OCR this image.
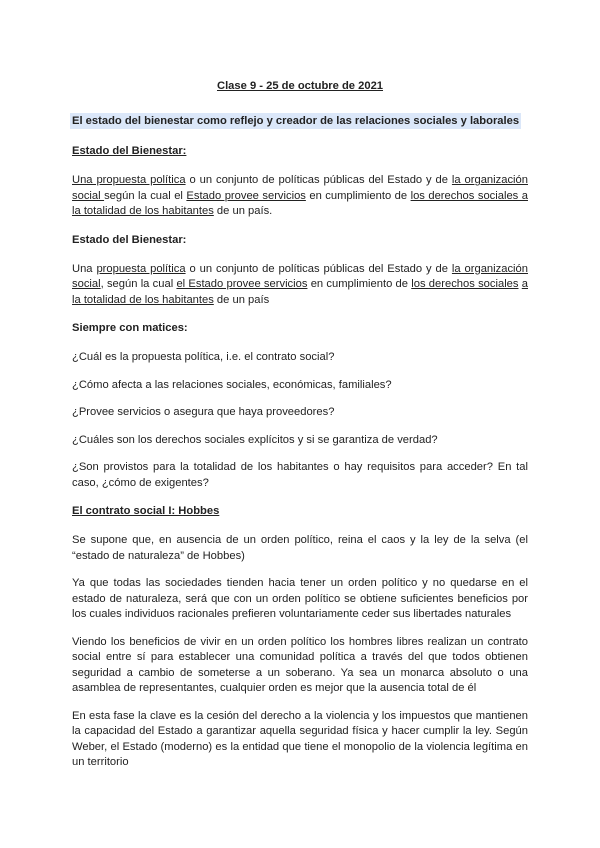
Clase 9 - 25 de octubre de 2021
El estado del bienestar como reflejo y creador de las relaciones sociales y laborales
Estado del Bienestar:

Una propuesta política o un conjunto de políticas públicas del Estado y de la organización social según la cual el Estado provee servicios en cumplimiento de los derechos sociales a la totalidad de los habitantes de un país.

Estado del Bienestar:

Una propuesta política o un conjunto de políticas públicas del Estado y de la organización social, según la cual el Estado provee servicios en cumplimiento de los derechos sociales a la totalidad de los habitantes de un país

Siempre con matices:

¿Cuál es la propuesta política, i.e. el contrato social?

¿Cómo afecta a las relaciones sociales, económicas, familiales?

¿Provee servicios o asegura que haya proveedores?

¿Cuáles son los derechos sociales explícitos y si se garantiza de verdad?

¿Son provistos para la totalidad de los habitantes o hay requisitos para acceder? En tal caso, ¿cómo de exigentes?

El contrato social I: Hobbes

Se supone que, en ausencia de un orden político, reina el caos y la ley de la selva (el “estado de naturaleza” de Hobbes)

Ya que todas las sociedades tienden hacia tener un orden político y no quedarse en el estado de naturaleza, será que con un orden político se obtiene suficientes beneficios por los cuales individuos racionales prefieren voluntariamente ceder sus libertades naturales

Viendo los beneficios de vivir en un orden político los hombres libres realizan un contrato social entre sí para establecer una comunidad política a través del que todos obtienen seguridad a cambio de someterse a un soberano. Ya sea un monarca absoluto o una asamblea de representantes, cualquier orden es mejor que la ausencia total de él

En esta fase la clave es la cesión del derecho a la violencia y los impuestos que mantienen la capacidad del Estado a garantizar aquella seguridad física y hacer cumplir la ley. Según Weber, el Estado (moderno) es la entidad que tiene el monopolio de la violencia legítima en un territorio
